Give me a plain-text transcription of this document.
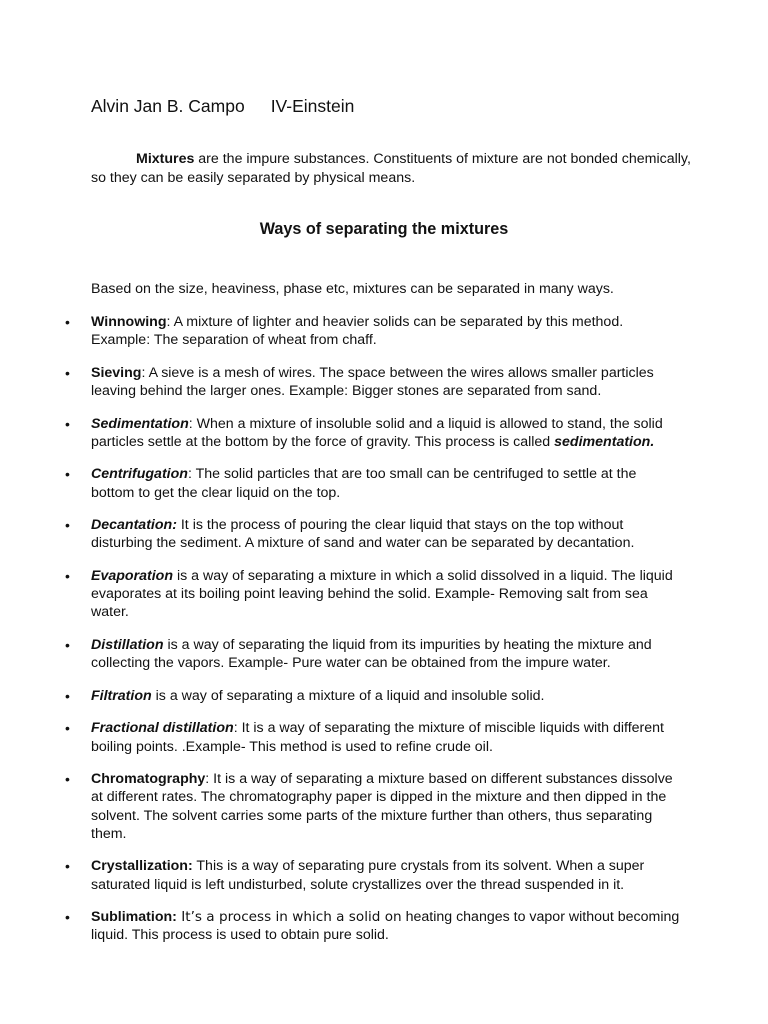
Alvin Jan B. Campo IV-Einstein
Mixtures are the impure substances. Constituents of mixture are not bonded chemically, so they can be easily separated by physical means.
Ways of separating the mixtures
Based on the size, heaviness, phase etc, mixtures can be separated in many ways.
• Winnowing: A mixture of lighter and heavier solids can be separated by this method. Example: The separation of wheat from chaff.
• Sieving: A sieve is a mesh of wires. The space between the wires allows smaller particles leaving behind the larger ones. Example: Bigger stones are separated from sand.
• Sedimentation: When a mixture of insoluble solid and a liquid is allowed to stand, the solid particles settle at the bottom by the force of gravity. This process is called sedimentation.
• Centrifugation: The solid particles that are too small can be centrifuged to settle at the bottom to get the clear liquid on the top.
• Decantation: It is the process of pouring the clear liquid that stays on the top without disturbing the sediment. A mixture of sand and water can be separated by decantation.
• Evaporation is a way of separating a mixture in which a solid dissolved in a liquid. The liquid evaporates at its boiling point leaving behind the solid. Example- Removing salt from sea water.
• Distillation is a way of separating the liquid from its impurities by heating the mixture and collecting the vapors. Example- Pure water can be obtained from the impure water.
• Filtration is a way of separating a mixture of a liquid and insoluble solid.
• Fractional distillation: It is a way of separating the mixture of miscible liquids with different boiling points. .Example- This method is used to refine crude oil.
• Chromatography: It is a way of separating a mixture based on different substances dissolve at different rates. The chromatography paper is dipped in the mixture and then dipped in the solvent. The solvent carries some parts of the mixture further than others, thus separating them.
• Crystallization: This is a way of separating pure crystals from its solvent. When a super saturated liquid is left undisturbed, solute crystallizes over the thread suspended in it.
• Sublimation: It’s a process in which a solid on heating changes to vapor without becoming liquid. This process is used to obtain pure solid.
